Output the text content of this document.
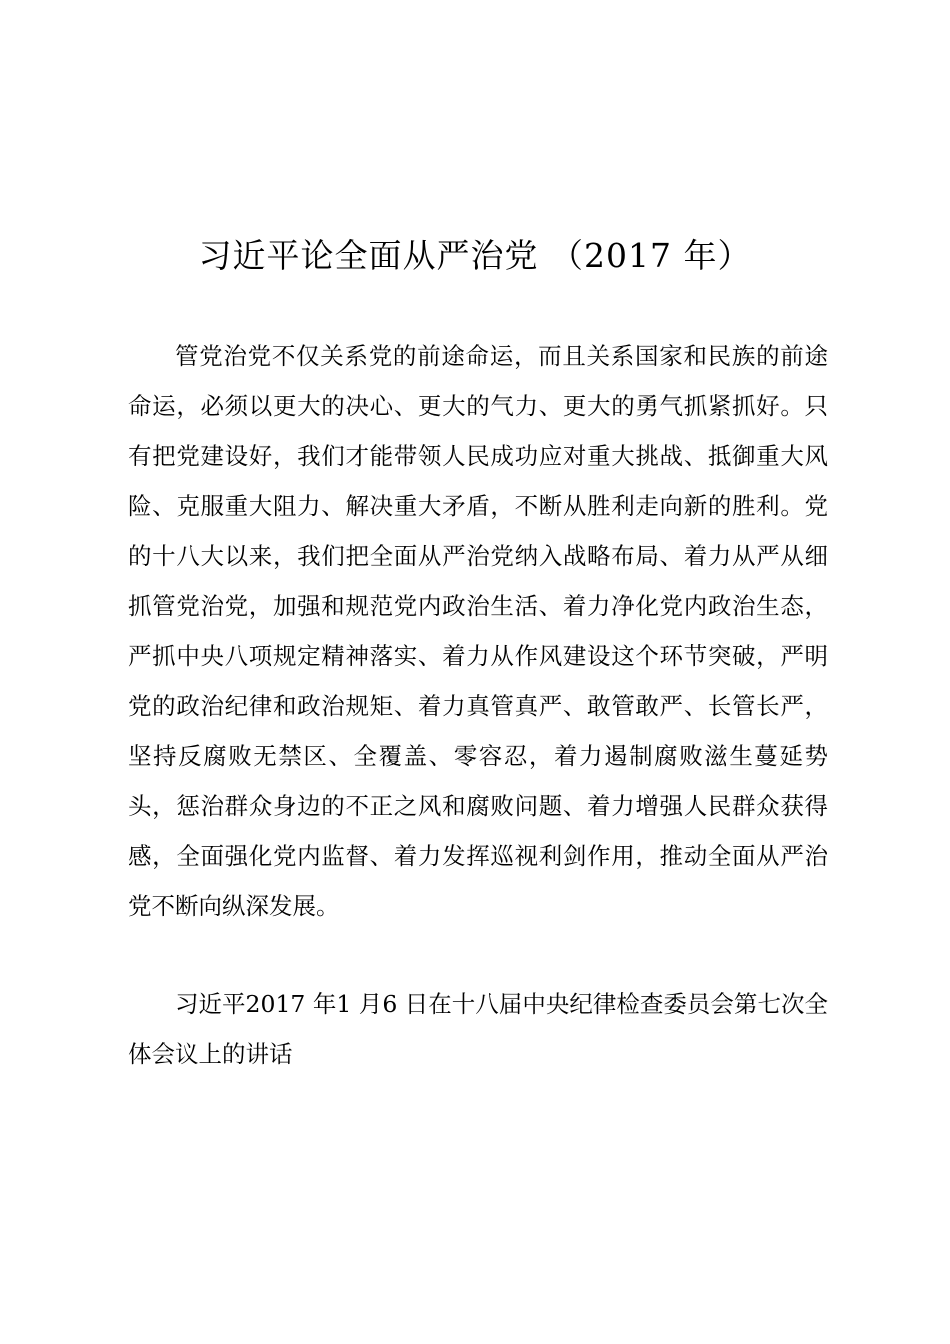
习近平论全面从严治党 （2017 年）

管党治党不仅关系党的前途命运，而且关系国家和民族的前途命运，必须以更大的决心、更大的气力、更大的勇气抓紧抓好。只有把党建设好，我们才能带领人民成功应对重大挑战、抵御重大风险、克服重大阻力、解决重大矛盾，不断从胜利走向新的胜利。党的十八大以来，我们把全面从严治党纳入战略布局、着力从严从细抓管党治党，加强和规范党内政治生活、着力净化党内政治生态，严抓中央八项规定精神落实、着力从作风建设这个环节突破，严明党的政治纪律和政治规矩、着力真管真严、敢管敢严、长管长严，坚持反腐败无禁区、全覆盖、零容忍，着力遏制腐败滋生蔓延势头，惩治群众身边的不正之风和腐败问题、着力增强人民群众获得感，全面强化党内监督、着力发挥巡视利剑作用，推动全面从严治党不断向纵深发展。

习近平2017 年1 月6 日在十八届中央纪律检查委员会第七次全体会议上的讲话
